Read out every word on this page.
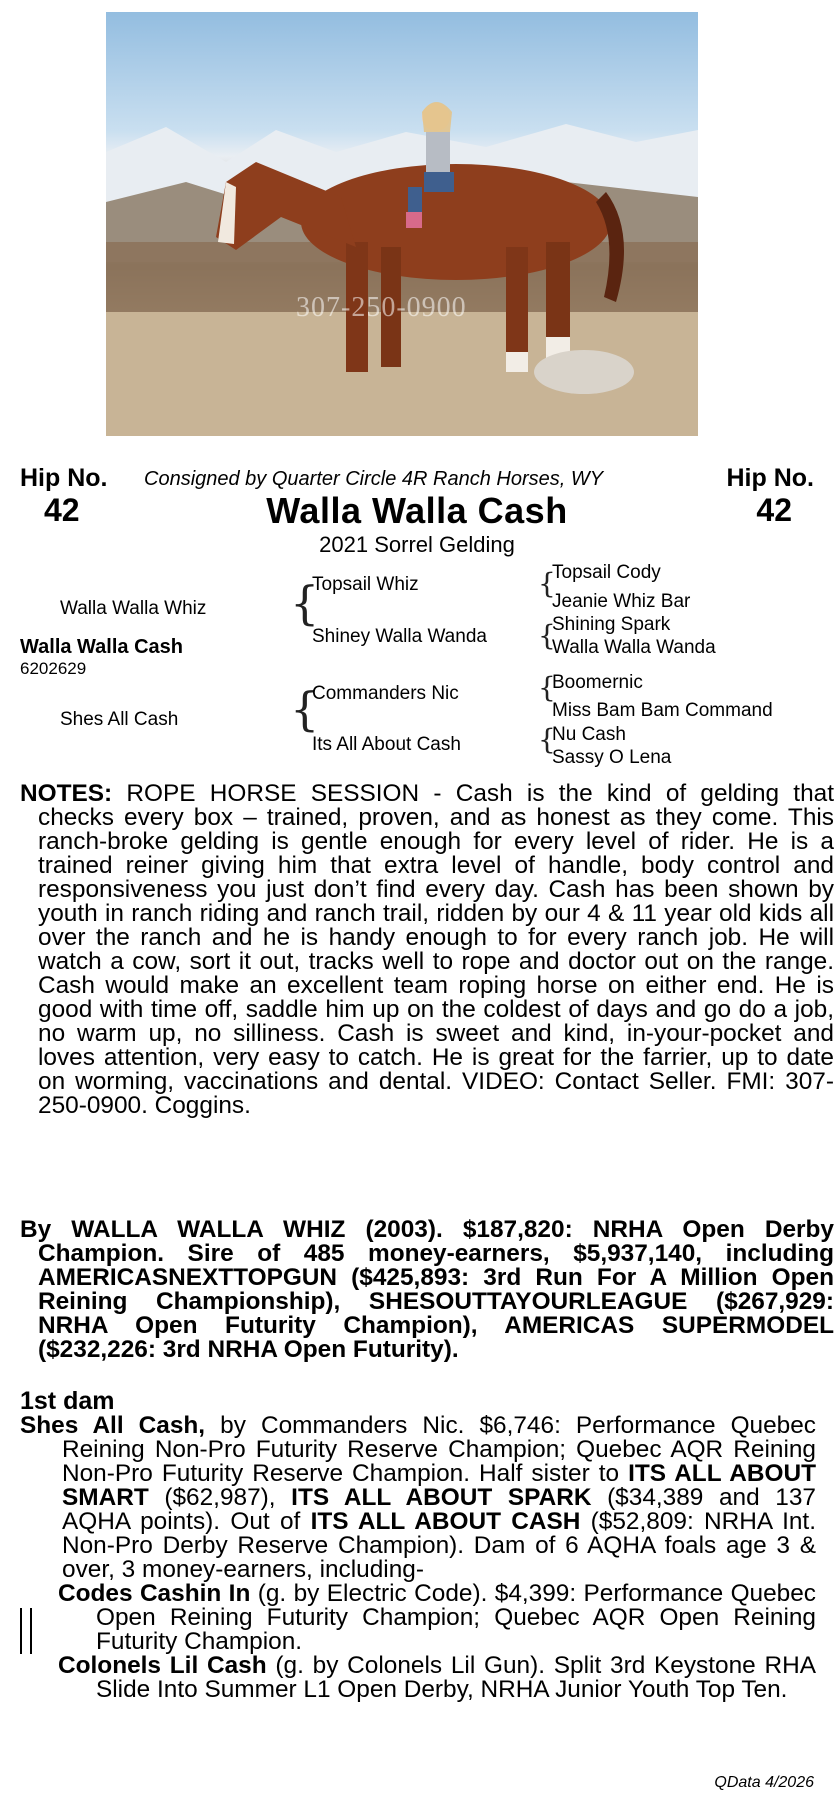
307-250-0900
Hip No.	Hip No.
42	42
Consigned by Quarter Circle 4R Ranch Horses, WY
Walla Walla Cash
2021 Sorrel Gelding
Walla Walla Whiz
Walla Walla Cash
6202629
Shes All Cash
{
Topsail Whiz
Shiney Walla Wanda
{
Commanders Nic
Its All About Cash
{
Topsail Cody
Jeanie Whiz Bar
{
Shining Spark
Walla Walla Wanda
{
Boomernic
Miss Bam Bam Command
{
Nu Cash
Sassy O Lena
NOTES: ROPE HORSE SESSION - Cash is the kind of gelding that checks every box – trained, proven, and as honest as they come. This ranch-broke gelding is gentle enough for every level of rider. He is a trained reiner giving him that extra level of handle, body control and responsiveness you just don’t find every day. Cash has been shown by youth in ranch riding and ranch trail, ridden by our 4 & 11 year old kids all over the ranch and he is handy enough to for every ranch job. He will watch a cow, sort it out, tracks well to rope and doctor out on the range. Cash would make an excellent team roping horse on either end. He is good with time off, saddle him up on the coldest of days and go do a job, no warm up, no silliness. Cash is sweet and kind, in-your-pocket and loves attention, very easy to catch. He is great for the farrier, up to date on worming, vaccinations and dental. VIDEO: Contact Seller. FMI: 307-250-0900. Coggins.
By WALLA WALLA WHIZ (2003). $187,820: NRHA Open Derby Champion. Sire of 485 money-earners, $5,937,140, including AMERICASNEXTTOPGUN ($425,893: 3rd Run For A Million Open Reining Championship), SHESOUTTAYOURLEAGUE ($267,929: NRHA Open Futurity Champion), AMERICAS SUPERMODEL ($232,226: 3rd NRHA Open Futurity).
1st dam

Shes All Cash, by Commanders Nic. $6,746: Performance Quebec Reining Non-Pro Futurity Reserve Champion; Quebec AQR Reining Non-Pro Futurity Reserve Champion. Half sister to ITS ALL ABOUT SMART ($62,987), ITS ALL ABOUT SPARK ($34,389 and 137 AQHA points). Out of ITS ALL ABOUT CASH ($52,809: NRHA Int. Non-Pro Derby Reserve Champion). Dam of 6 AQHA foals age 3 & over, 3 money-earners, including-

Codes Cashin In (g. by Electric Code). $4,399: Performance Quebec Open Reining Futurity Champion; Quebec AQR Open Reining Futurity Champion.

Colonels Lil Cash (g. by Colonels Lil Gun). Split 3rd Keystone RHA Slide Into Summer L1 Open Derby, NRHA Junior Youth Top Ten.

QData 4/2026
